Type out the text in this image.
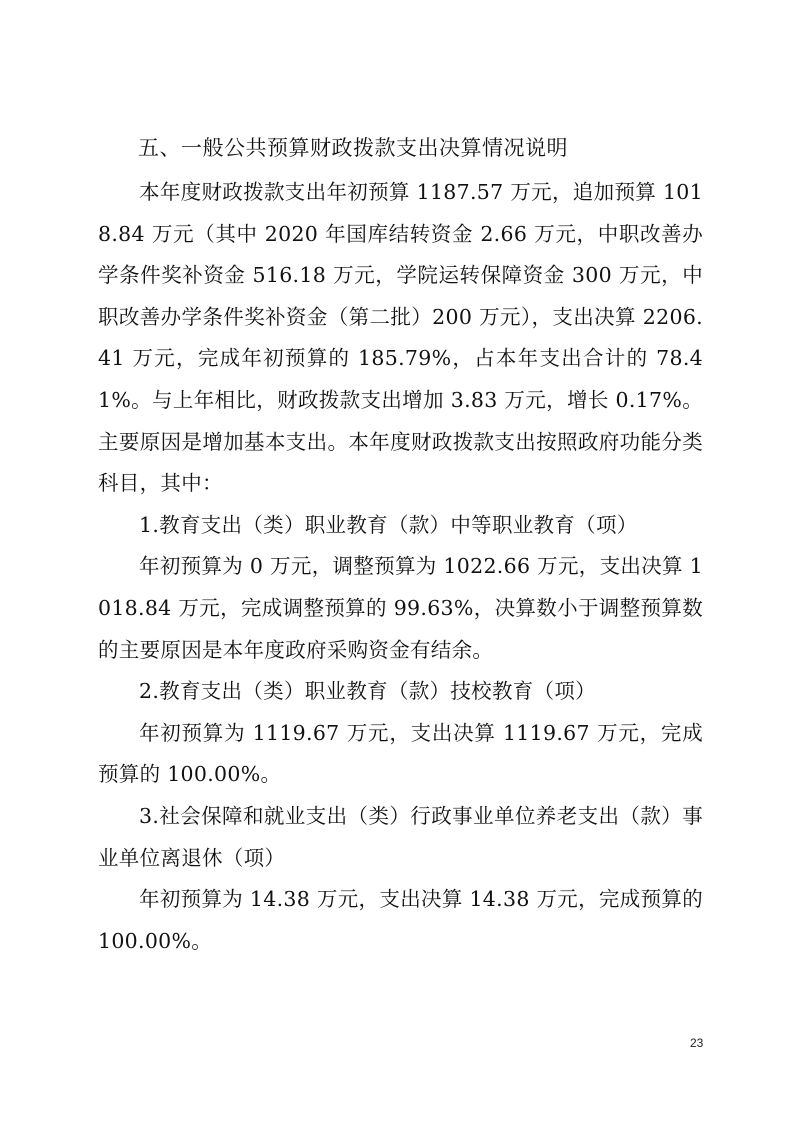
五、一般公共预算财政拨款支出决算情况说明

本年度财政拨款支出年初预算 1187.57 万元，追加预算 1018.84 万元（其中 2020 年国库结转资金 2.66 万元，中职改善办学条件奖补资金 516.18 万元，学院运转保障资金 300 万元，中职改善办学条件奖补资金（第二批）200 万元），支出决算 2206.41 万元，完成年初预算的 185.79%，占本年支出合计的 78.41%。与上年相比，财政拨款支出增加 3.83 万元，增长 0.17%。主要原因是增加基本支出。本年度财政拨款支出按照政府功能分类科目，其中：

1.教育支出（类）职业教育（款）中等职业教育（项）

年初预算为 0 万元，调整预算为 1022.66 万元，支出决算 1018.84 万元，完成调整预算的 99.63%，决算数小于调整预算数的主要原因是本年度政府采购资金有结余。

2.教育支出（类）职业教育（款）技校教育（项）

年初预算为 1119.67 万元，支出决算 1119.67 万元，完成预算的 100.00%。

3.社会保障和就业支出（类）行政事业单位养老支出（款）事业单位离退休（项）

年初预算为 14.38 万元，支出决算 14.38 万元，完成预算的 100.00%。

23
